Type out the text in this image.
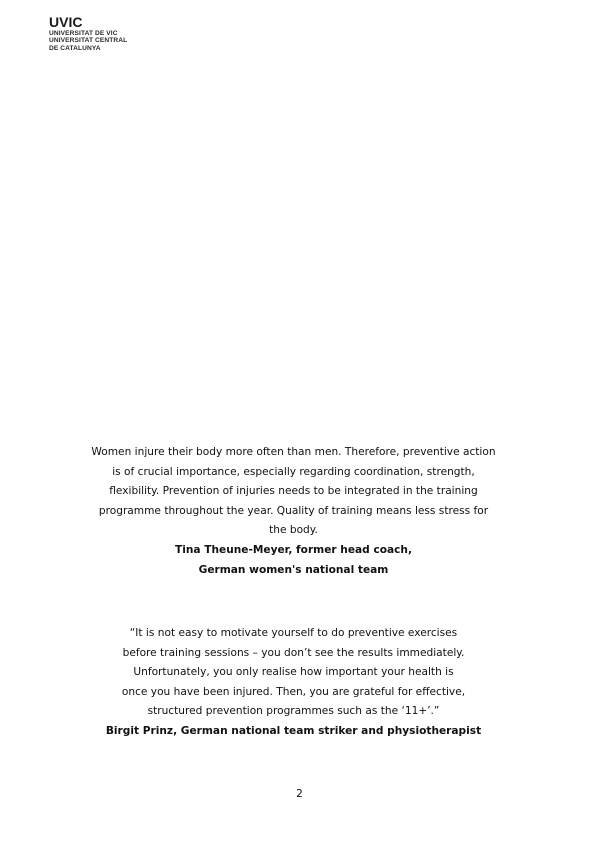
UVIC
UNIVERSITAT DE VIC
UNIVERSITAT CENTRAL
DE CATALUNYA

Women injure their body more often than men. Therefore, preventive action

is of crucial importance, especially regarding coordination, strength,

flexibility. Prevention of injuries needs to be integrated in the training

programme throughout the year. Quality of training means less stress for

the body.

Tina Theune-Meyer, former head coach,

German women's national team

“It is not easy to motivate yourself to do preventive exercises

before training sessions – you don’t see the results immediately.

Unfortunately, you only realise how important your health is

once you have been injured. Then, you are grateful for effective,

structured prevention programmes such as the ‘11+’.”

Birgit Prinz, German national team striker and physiotherapist

2
